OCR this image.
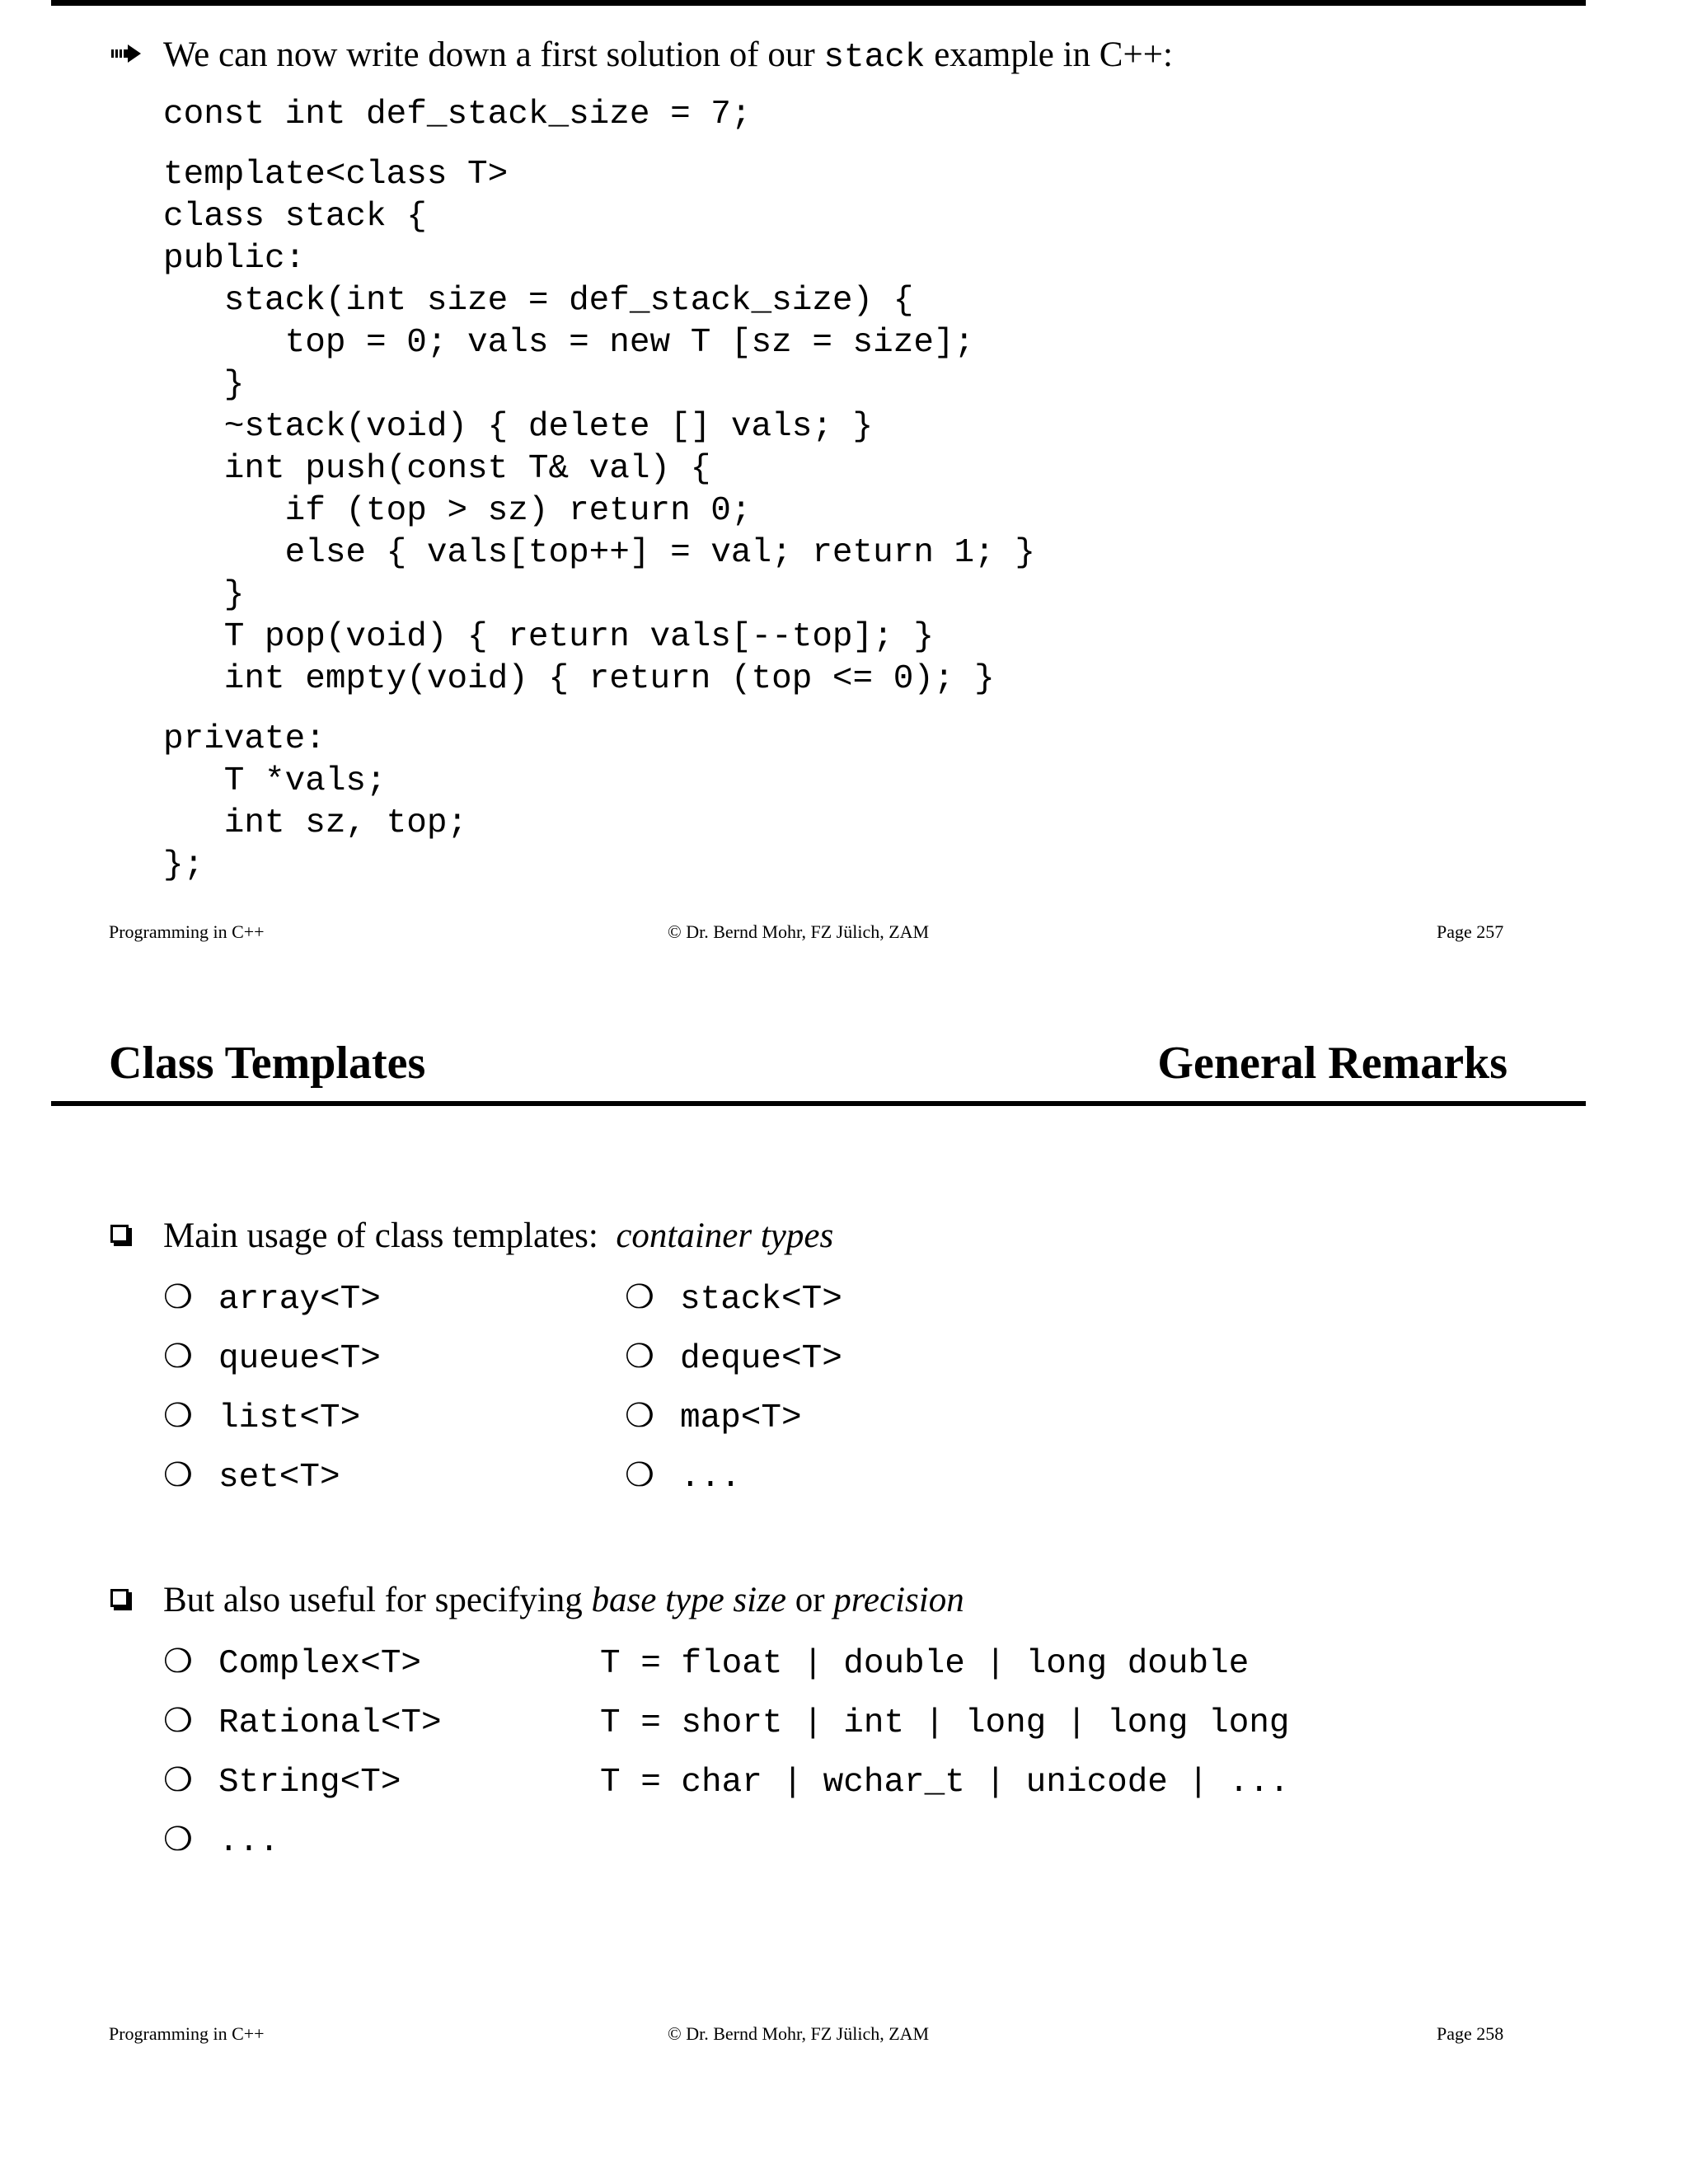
We can now write down a first solution of our stack example in C++:
const int def_stack_size = 7;
template<class T>
class stack {
public:
stack(int size = def_stack_size) {
top = 0; vals = new T [sz = size];
}
~stack(void) { delete [] vals; }
int push(const T& val) {
if (top > sz) return 0;
else { vals[top++] = val; return 1; }
}
T pop(void) { return vals[--top]; }
int empty(void) { return (top <= 0); }
private:
T *vals;
int sz, top;
};
Programming in C++	© Dr. Bernd Mohr, FZ Jülich, ZAM	Page 257
Class Templates	General Remarks
Main usage of class templates:  container types
❍ array<T>
❍ queue<T>
❍ list<T>
❍ set<T>
❍ stack<T>
❍ deque<T>
❍ map<T>
❍ ...
But also useful for specifying base type size or precision
❍ Complex<T>	T = float | double | long double
❍ Rational<T>	T = short | int | long | long long
❍ String<T>	T = char | wchar_t | unicode | ...
❍ ...
Programming in C++	© Dr. Bernd Mohr, FZ Jülich, ZAM	Page 258
